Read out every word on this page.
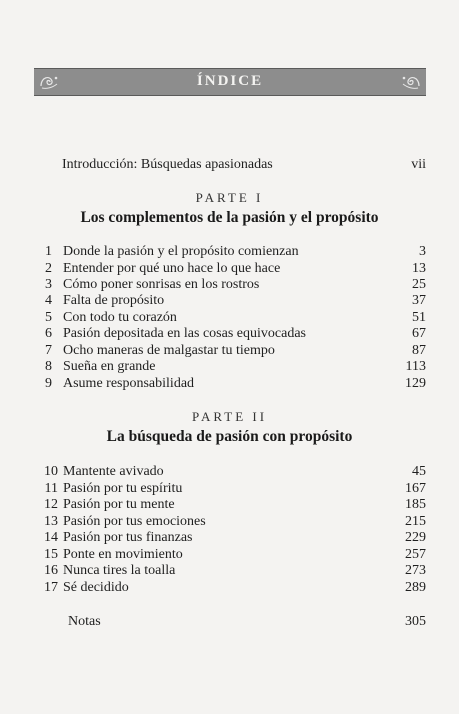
ÍNDICE
Introducción: Búsquedas apasionadas	vii
PARTE I
Los complementos de la pasión y el propósito
1 Donde la pasión y el propósito comienzan	3
2 Entender por qué uno hace lo que hace	13
3 Cómo poner sonrisas en los rostros	25
4 Falta de propósito	37
5 Con todo tu corazón	51
6 Pasión depositada en las cosas equivocadas	67
7 Ocho maneras de malgastar tu tiempo	87
8 Sueña en grande	113
9 Asume responsabilidad	129
PARTE II
La búsqueda de pasión con propósito
10 Mantente avivado	45
11 Pasión por tu espíritu	167
12 Pasión por tu mente	185
13 Pasión por tus emociones	215
14 Pasión por tus finanzas	229
15 Ponte en movimiento	257
16 Nunca tires la toalla	273
17 Sé decidido	289
Notas	305
